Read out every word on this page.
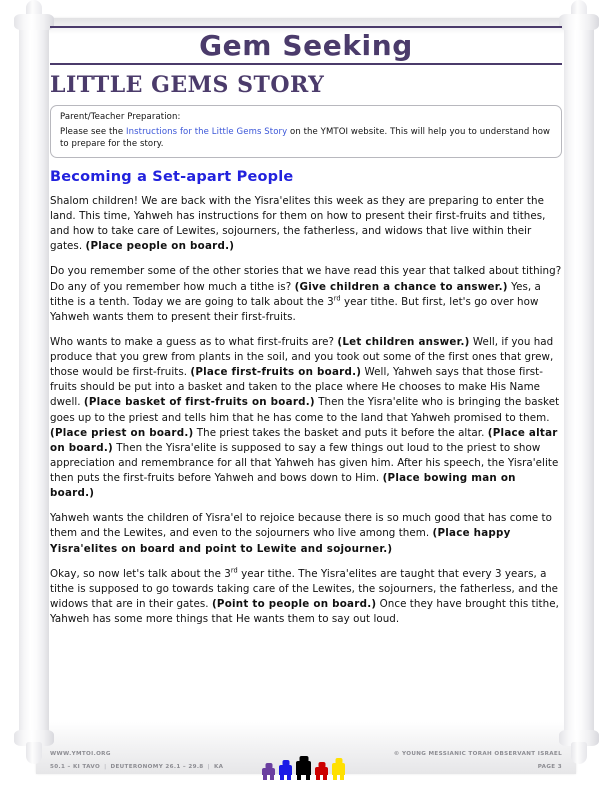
Gem Seeking
LITTLE GEMS STORY
Parent/Teacher Preparation:
Please see the Instructions for the Little Gems Story on the YMTOI website. This will help you to understand how to prepare for the story.
Becoming a Set-apart People
Shalom children! We are back with the Yisra'elites this week as they are preparing to enter the land. This time, Yahweh has instructions for them on how to present their first-fruits and tithes, and how to take care of Lewites, sojourners, the fatherless, and widows that live within their gates. (Place people on board.)
Do you remember some of the other stories that we have read this year that talked about tithing? Do any of you remember how much a tithe is? (Give children a chance to answer.) Yes, a tithe is a tenth. Today we are going to talk about the 3rd year tithe. But first, let's go over how Yahweh wants them to present their first-fruits.
Who wants to make a guess as to what first-fruits are? (Let children answer.) Well, if you had produce that you grew from plants in the soil, and you took out some of the first ones that grew, those would be first-fruits. (Place first-fruits on board.) Well, Yahweh says that those first-fruits should be put into a basket and taken to the place where He chooses to make His Name dwell. (Place basket of first-fruits on board.) Then the Yisra'elite who is bringing the basket goes up to the priest and tells him that he has come to the land that Yahweh promised to them. (Place priest on board.) The priest takes the basket and puts it before the altar. (Place altar on board.) Then the Yisra'elite is supposed to say a few things out loud to the priest to show appreciation and remembrance for all that Yahweh has given him. After his speech, the Yisra'elite then puts the first-fruits before Yahweh and bows down to Him. (Place bowing man on board.)
Yahweh wants the children of Yisra'el to rejoice because there is so much good that has come to them and the Lewites, and even to the sojourners who live among them. (Place happy Yisra'elites on board and point to Lewite and sojourner.)
Okay, so now let's talk about the 3rd year tithe. The Yisra'elites are taught that every 3 years, a tithe is supposed to go towards taking care of the Lewites, the sojourners, the fatherless, and the widows that are in their gates. (Point to people on board.) Once they have brought this tithe, Yahweh has some more things that He wants them to say out loud.
WWW.YMTOI.ORG
50.1 – KI TAVO | DEUTERONOMY 26.1 – 29.8 | KA
© YOUNG MESSIANIC TORAH OBSERVANT ISRAEL
PAGE 3
